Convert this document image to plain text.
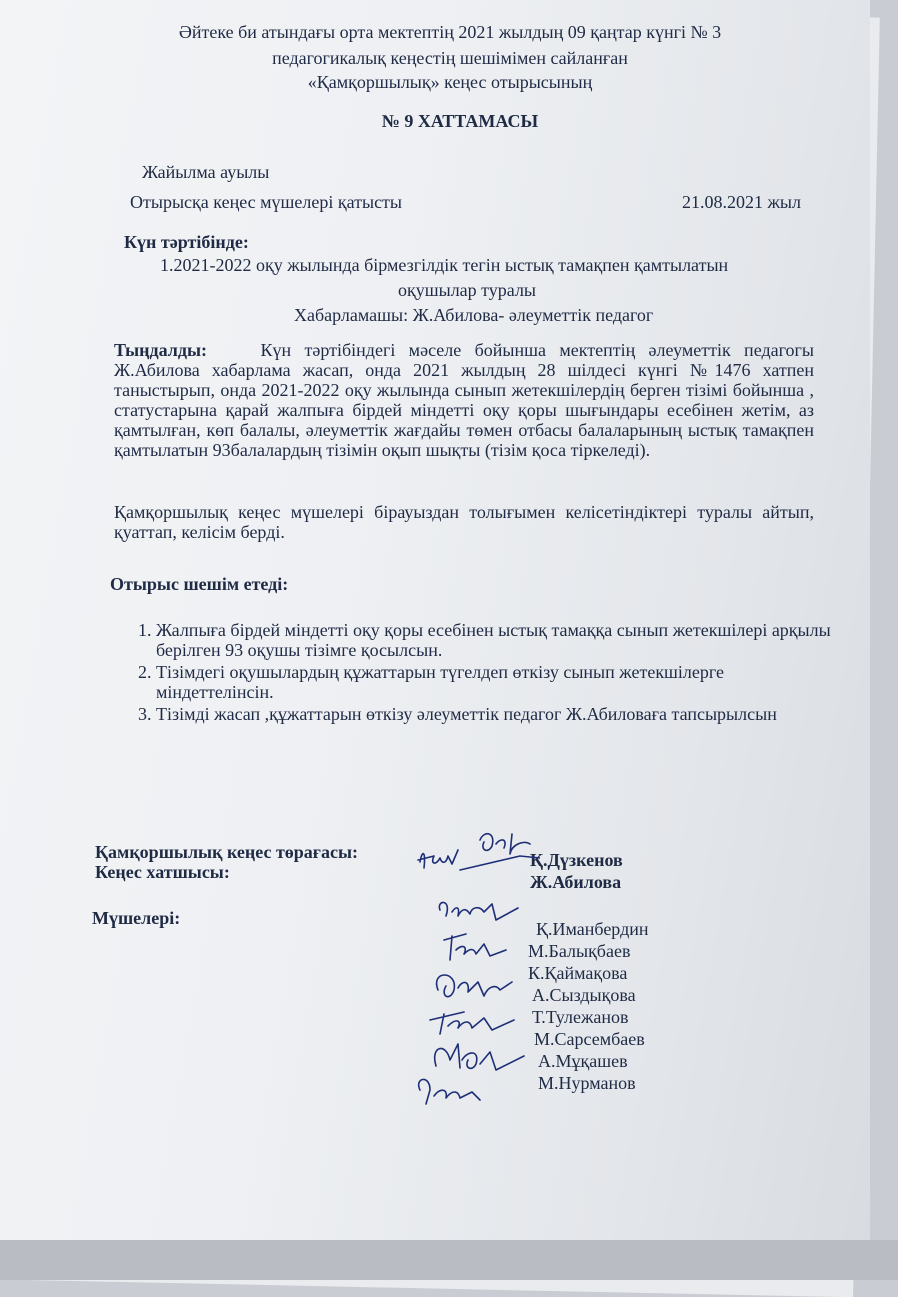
Әйтеке би атындағы орта мектептің 2021 жылдың 09 қаңтар күнгі № 3
педагогикалық кеңестің шешімімен сайланған
«Қамқоршылық» кеңес отырысының
№ 9 ХАТТАМАСЫ
Жайылма ауылы
Отырысқа кеңес мүшелері қатысты	21.08.2021 жыл
Күн тәртібінде:
1.2021-2022 оқу жылында бірмезгілдік тегін ыстық тамақпен қамтылатын
оқушылар туралы
Хабарламашы: Ж.Абилова- әлеуметтік педагог
Тыңдалды:	Күн тәртібіндегі мәселе бойынша мектептің әлеуметтік педагогы Ж.Абилова хабарлама жасап, онда 2021 жылдың 28 шілдесі күнгі №1476 хатпен таныстырып, онда 2021-2022 оқу жылында сынып жетекшілердің берген тізімі бойынша , статустарына қарай жалпыға бірдей міндетті оқу қоры шығындары есебінен жетім, аз қамтылған, көп балалы, әлеуметтік жағдайы төмен отбасы балаларының ыстық тамақпен қамтылатын 93балалардың тізімін оқып шықты (тізім қоса тіркеледі).
Қамқоршылық кеңес мүшелері бірауыздан толығымен келісетіндіктері туралы айтып, қуаттап, келісім берді.
Отырыс шешім етеді:
1. Жалпыға бірдей міндетті оқу қоры есебінен ыстық тамаққа сынып жетекшілері арқылы берілген 93 оқушы тізімге қосылсын.
2. Тізімдегі оқушылардың құжаттарын түгелдеп өткізу сынып жетекшілерге міндеттелінсін.
3. Тізімді жасап ,құжаттарын өткізу әлеуметтік педагог Ж.Абиловаға тапсырылсын
Қамқоршылық кеңес төрағасы:
Кеңес хатшысы:
Мүшелері:
Қ.Дүзкенов
Ж.Абилова
Қ.Иманбердин
М.Балықбаев
К.Қаймақова
А.Сыздықова
Т.Тулежанов
М.Сарсембаев
А.Мұқашев
М.Нурманов
